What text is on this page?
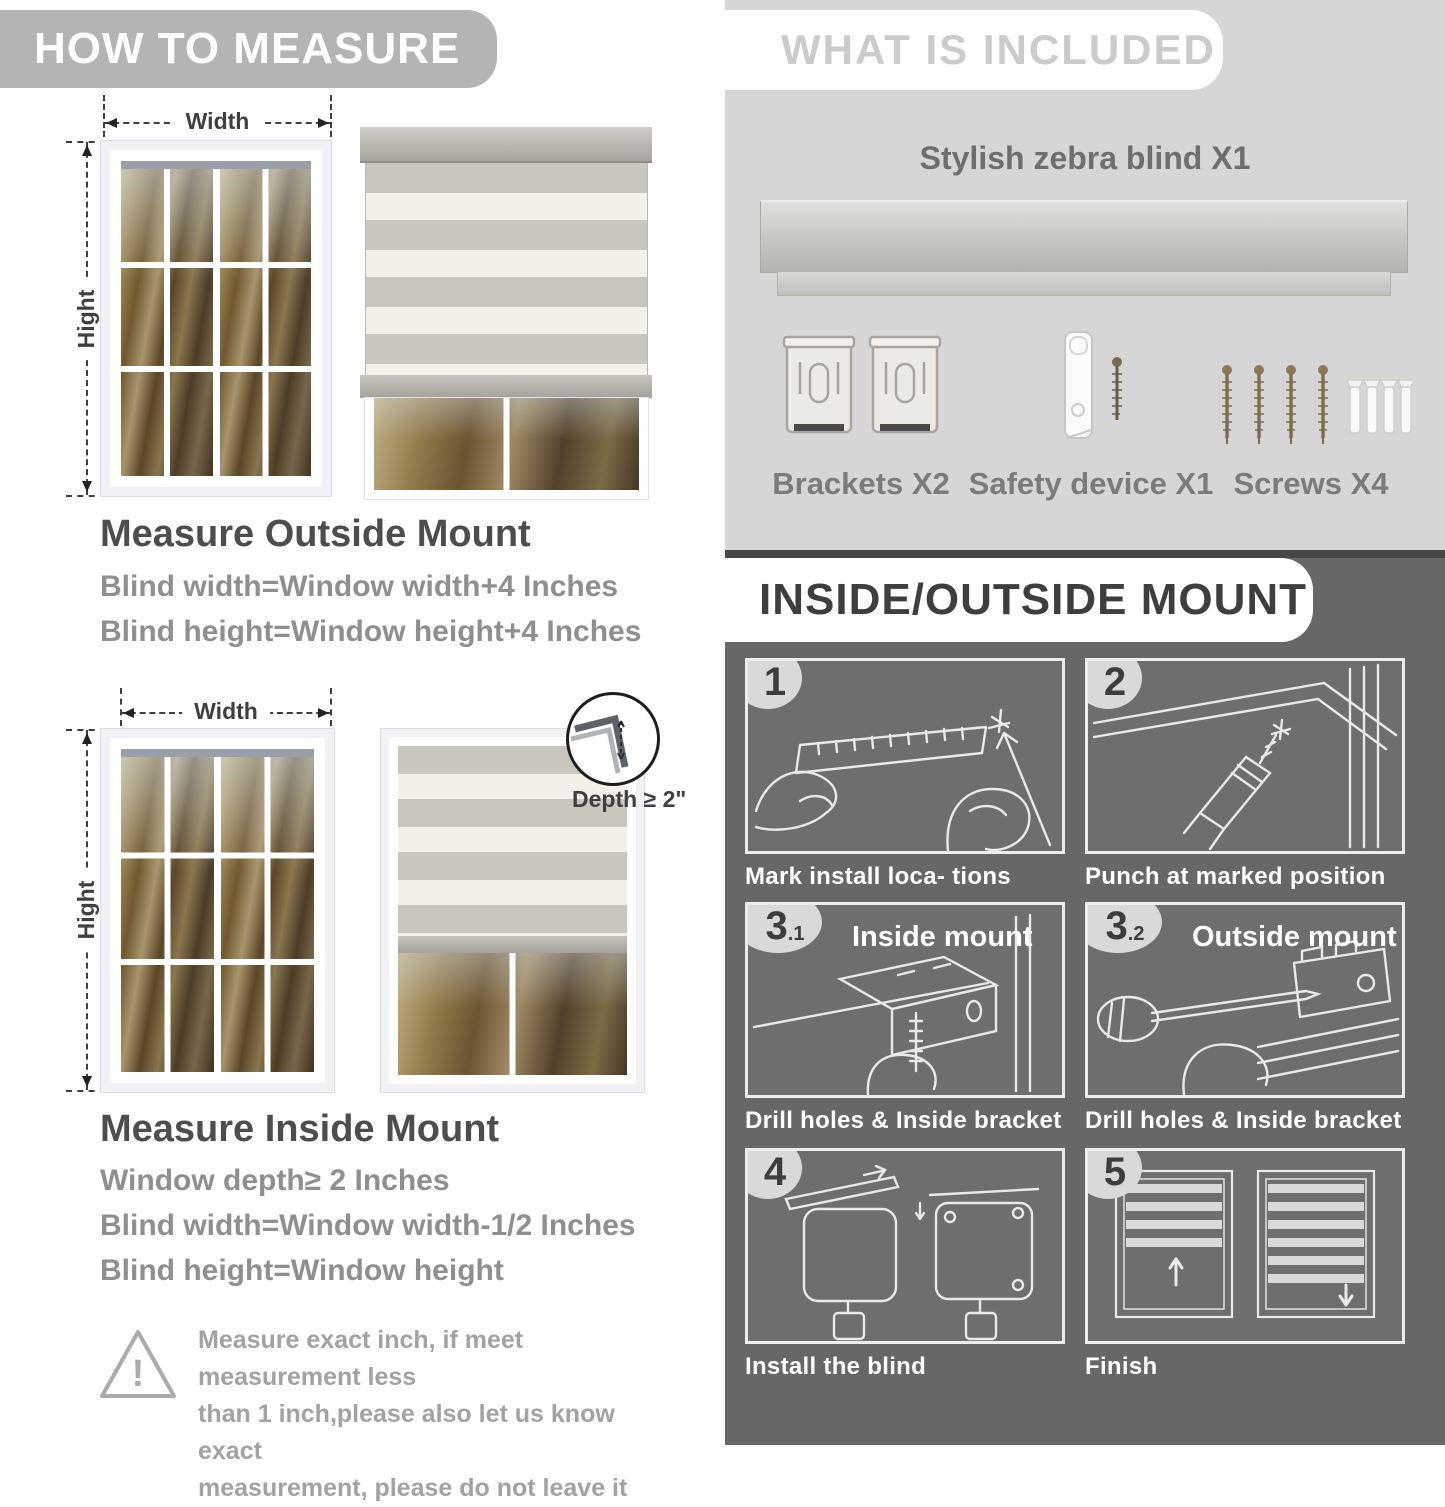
HOW TO MEASURE
Width
Hight
Measure Outside Mount
Blind width=Window width+4 Inches
Blind height=Window height+4 Inches
Width
Hight
Depth ≥ 2"
Measure Inside Mount
Window depth≥ 2 Inches
Blind width=Window width-1/2 Inches
Blind height=Window height
!
Measure exact inch, if meet measurement less
than 1 inch,please also let us know exact
measurement, please do not leave it
WHAT IS INCLUDED
Stylish zebra blind X1
Brackets X2 Safety device X1 Screws X4
INSIDE/OUTSIDE MOUNT
1
Mark install loca- tions
2
Punch at marked position
3 .1 Inside mount
Drill holes & Inside bracket
3 .2 Outside mount
Drill holes & Inside bracket
4
Install the blind
5
Finish
